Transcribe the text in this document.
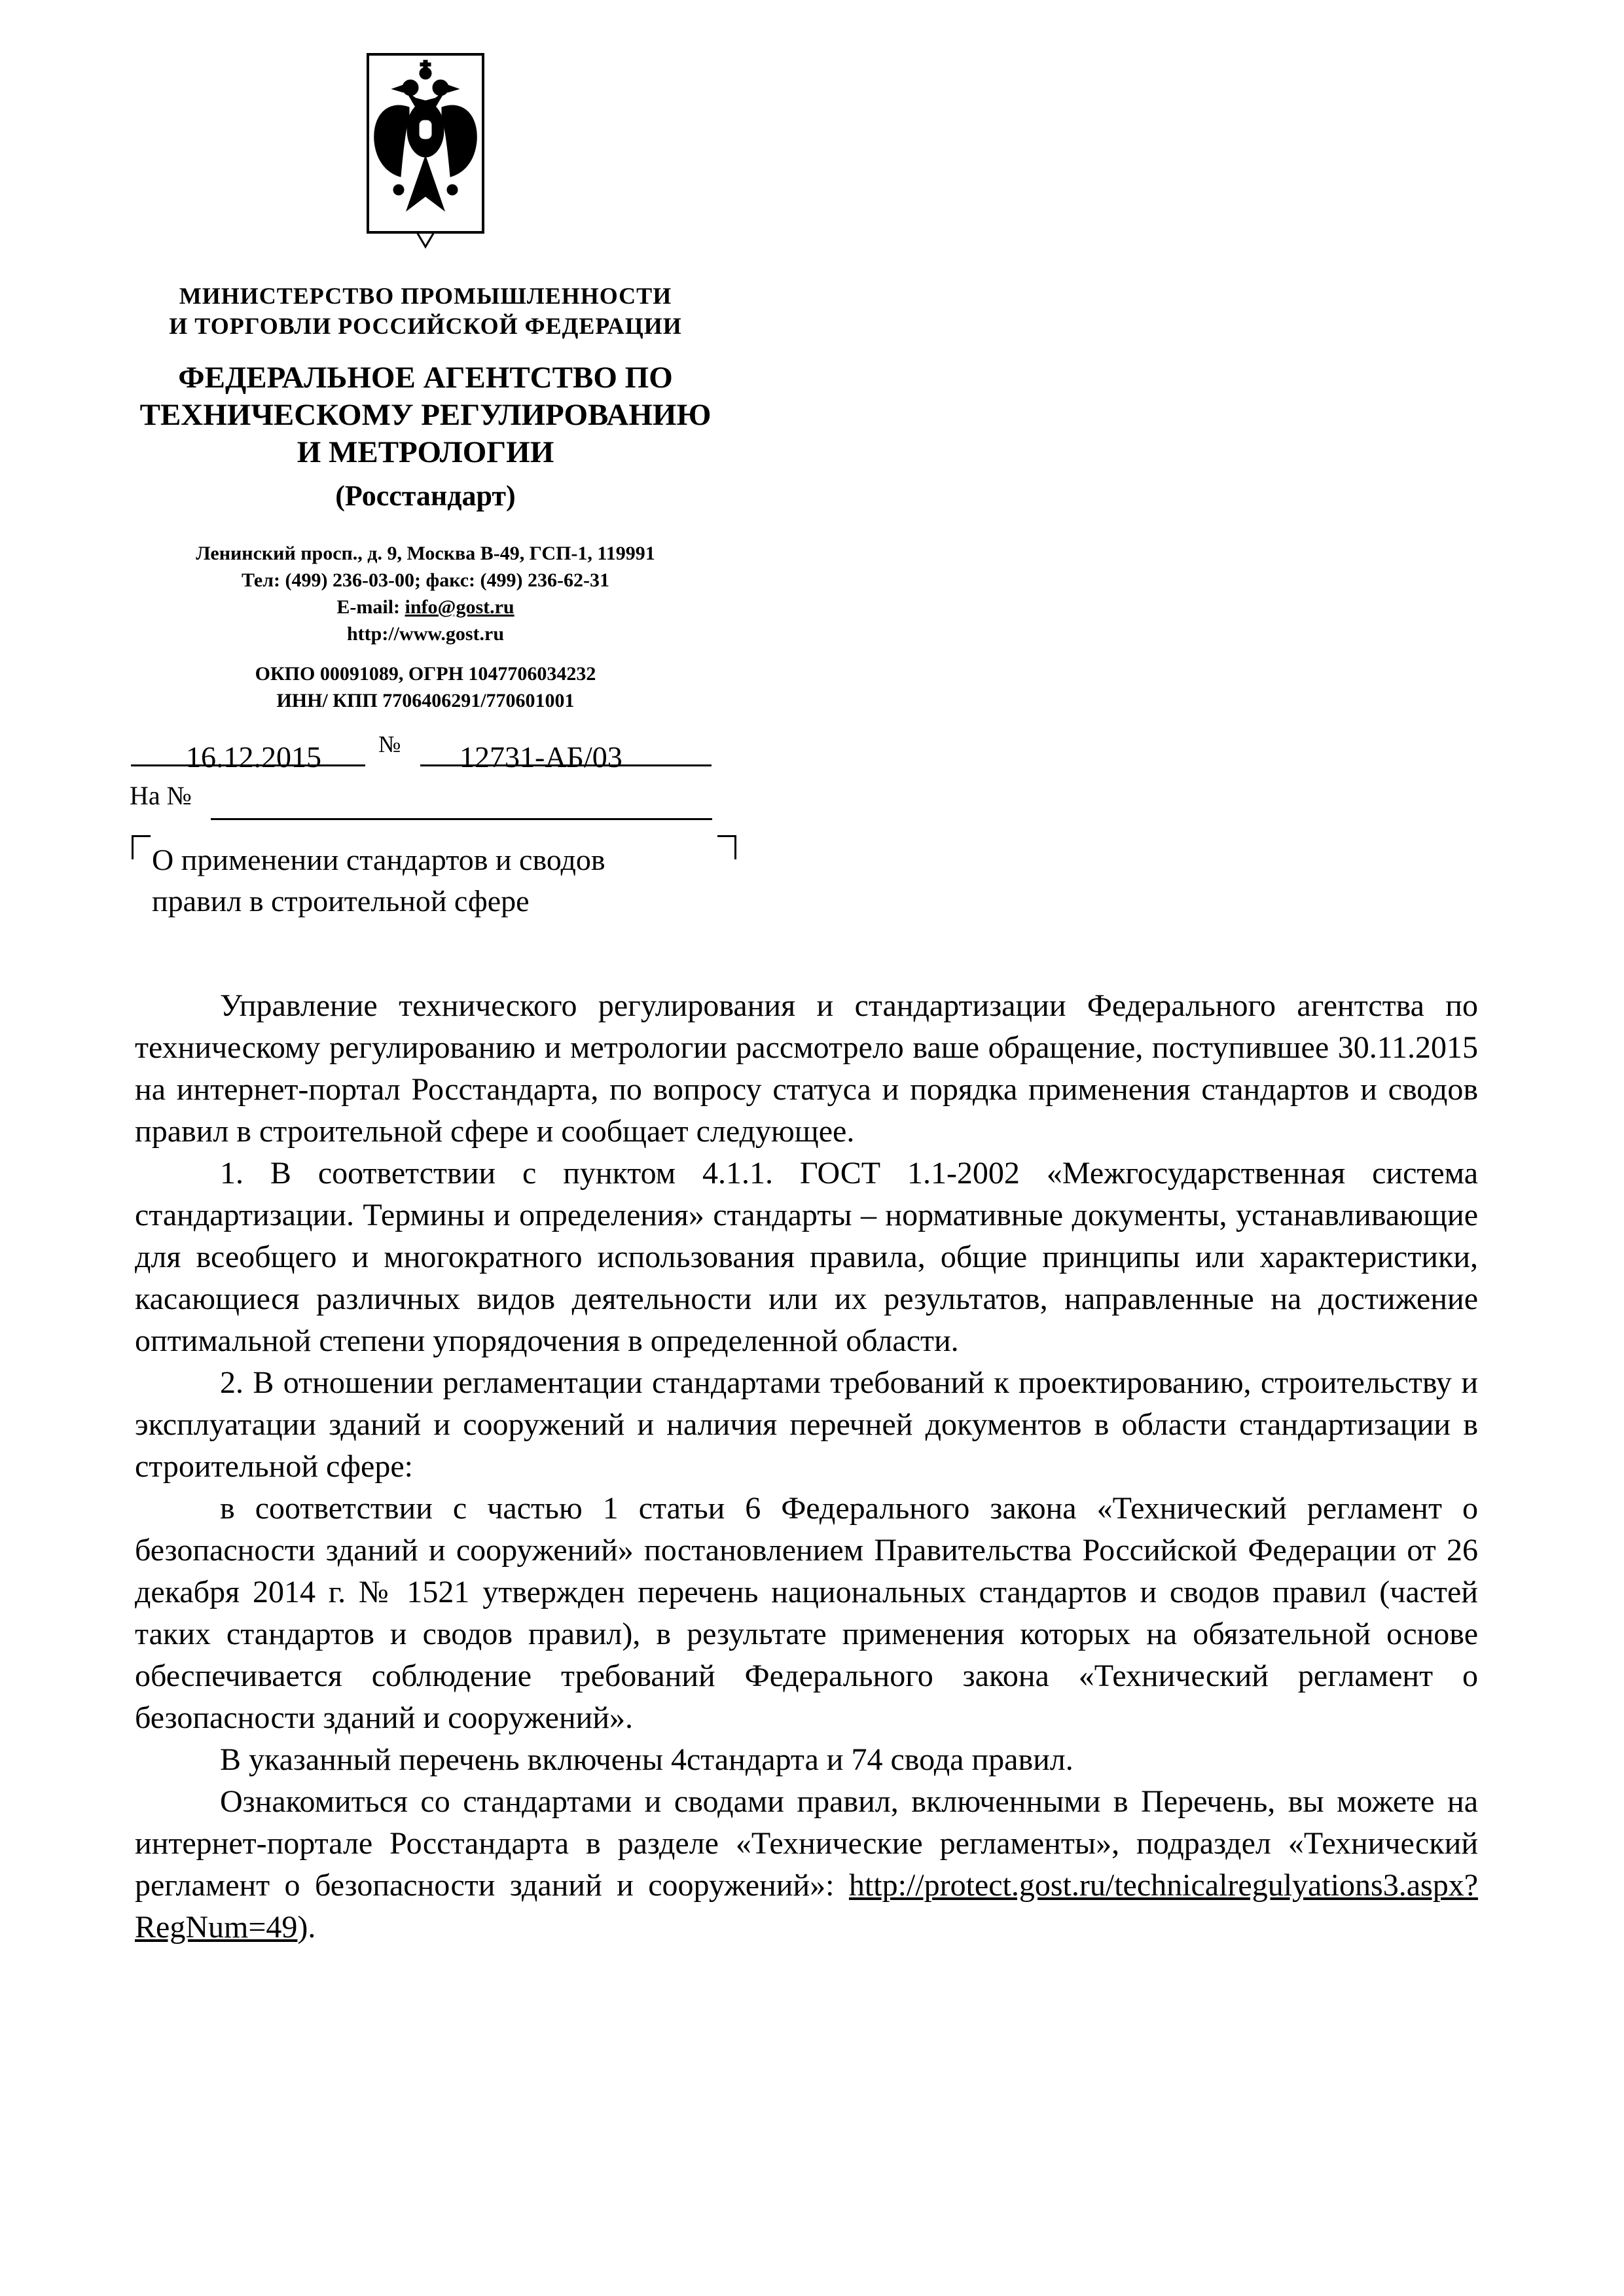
МИНИСТЕРСТВО ПРОМЫШЛЕННОСТИ
И ТОРГОВЛИ РОССИЙСКОЙ ФЕДЕРАЦИИ
ФЕДЕРАЛЬНОЕ АГЕНТСТВО ПО
ТЕХНИЧЕСКОМУ РЕГУЛИРОВАНИЮ
И МЕТРОЛОГИИ
(Росстандарт)
Ленинский просп., д. 9, Москва В-49, ГСП-1, 119991
Тел: (499) 236-03-00; факс: (499) 236-62-31
E-mail: info@gost.ru
http://www.gost.ru
ОКПО 00091089, ОГРН 1047706034232
ИНН/ КПП 7706406291/770601001
16.12.2015 № 12731-АБ/03
На №
О применении стандартов и сводов
правил в строительной сфере

Управление технического регулирования и стандартизации Федерального агентства по техническому регулированию и метрологии рассмотрело ваше обращение, поступившее 30.11.2015 на интернет-портал Росстандарта, по вопросу статуса и порядка применения стандартов и сводов правил в строительной сфере и сообщает следующее.

1. В соответствии с пунктом 4.1.1. ГОСТ 1.1-2002 «Межгосударственная система стандартизации. Термины и определения» стандарты – нормативные документы, устанавливающие для всеобщего и многократного использования правила, общие принципы или характеристики, касающиеся различных видов деятельности или их результатов, направленные на достижение оптимальной степени упорядочения в определенной области.

2. В отношении регламентации стандартами требований к проектированию, строительству и эксплуатации зданий и сооружений и наличия перечней документов в области стандартизации в строительной сфере:

в соответствии с частью 1 статьи 6 Федерального закона «Технический регламент о безопасности зданий и сооружений» постановлением Правительства Российской Федерации от 26 декабря 2014 г. № 1521 утвержден перечень национальных стандартов и сводов правил (частей таких стандартов и сводов правил), в результате применения которых на обязательной основе обеспечивается соблюдение требований Федерального закона «Технический регламент о безопасности зданий и сооружений».

В указанный перечень включены 4стандарта и 74 свода правил.

Ознакомиться со стандартами и сводами правил, включенными в Перечень, вы можете на интернет-портале Росстандарта в разделе «Технические регламенты», подраздел «Технический регламент о безопасности зданий и сооружений»: http://protect.gost.ru/technicalregulyations3.aspx?RegNum=49).
